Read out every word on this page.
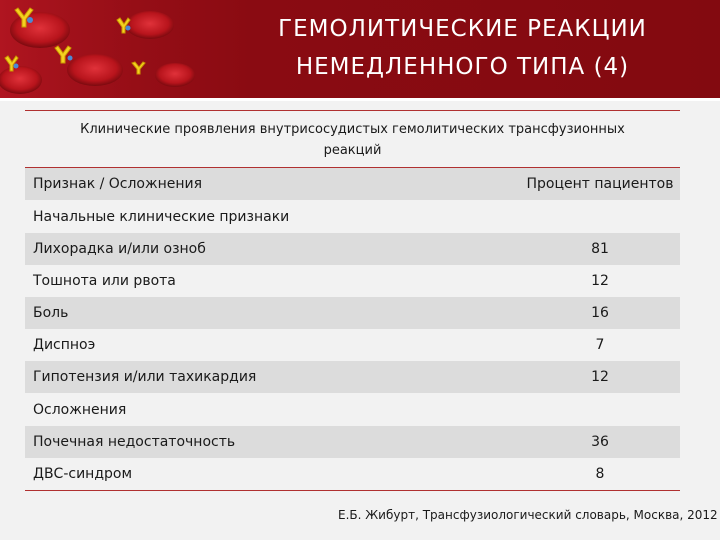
ГЕМОЛИТИЧЕСКИЕ РЕАКЦИИ
НЕМЕДЛЕННОГО ТИПА (4)
Клинические проявления внутрисосудистых гемолитических трансфузионных
реакций
Признак / Осложнения	Процент пациентов
Начальные клинические признаки
Лихорадка и/или озноб	81
Тошнота или рвота	12
Боль	16
Диспноэ	7
Гипотензия и/или тахикардия	12
Осложнения
Почечная недостаточность	36
ДВС-синдром	8
Е.Б. Жибурт, Трансфузиологический словарь, Москва, 2012
